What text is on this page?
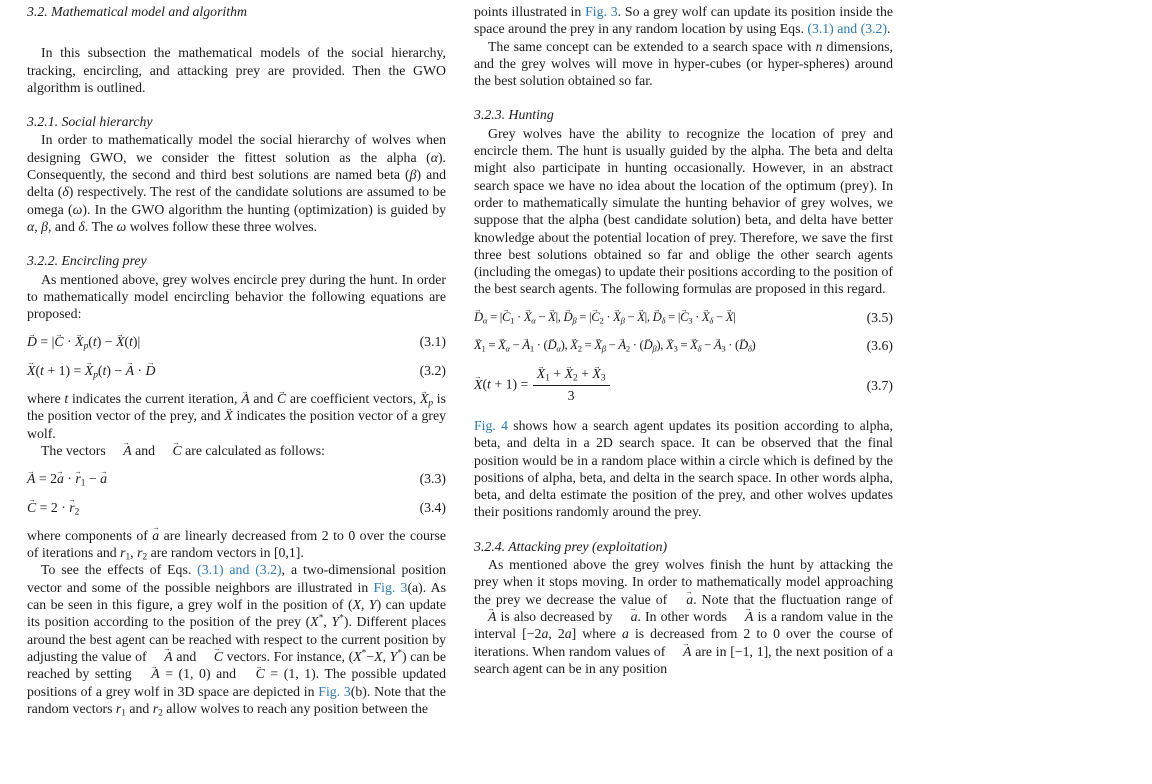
3.2. Mathematical model and algorithm

In this subsection the mathematical models of the social hierarchy, tracking, encircling, and attacking prey are provided. Then the GWO algorithm is outlined.

3.2.1. Social hierarchy

In order to mathematically model the social hierarchy of wolves when designing GWO, we consider the fittest solution as the alpha (α). Consequently, the second and third best solutions are named beta (β) and delta (δ) respectively. The rest of the candidate solutions are assumed to be omega (ω). In the GWO algorithm the hunting (optimization) is guided by α, β, and δ. The ω wolves follow these three wolves.

3.2.2. Encircling prey

As mentioned above, grey wolves encircle prey during the hunt. In order to mathematically model encircling behavior the following equations are proposed:

→ D = |→ C · → $X_p(t)$ − → X(t)|	(3.1)
→ X(t + 1) = → $X_p(t)$ − → A · → D	(3.2)

where t indicates the current iteration, → A and → C are coefficient vectors, → $X_p$ is the position vector of the prey, and → X indicates the position vector of a grey wolf.

The vectors → A and → C are calculated as follows:

→ A = 2→ a · → $r_1$ − → a	(3.3)
→ C = 2 · → $r_2$	(3.4)

where components of → a are linearly decreased from 2 to 0 over the course of iterations and $r_1$, $r_2$ are random vectors in [0,1].

To see the effects of Eqs. (3.1) and (3.2), a two-dimensional position vector and some of the possible neighbors are illustrated in Fig. 3(a). As can be seen in this figure, a grey wolf in the position of (X, Y) can update its position according to the position of the prey (X*, Y*). Different places around the best agent can be reached with respect to the current position by adjusting the value of → A and → C vectors. For instance, (X*−X, Y*) can be reached by setting → A = (1, 0) and → C = (1, 1). The possible updated positions of a grey wolf in 3D space are depicted in Fig. 3(b). Note that the random vectors $r_1$ and $r_2$ allow wolves to reach any position between the

points illustrated in Fig. 3. So a grey wolf can update its position inside the space around the prey in any random location by using Eqs. (3.1) and (3.2).

The same concept can be extended to a search space with n dimensions, and the grey wolves will move in hyper-cubes (or hyper-spheres) around the best solution obtained so far.

3.2.3. Hunting

Grey wolves have the ability to recognize the location of prey and encircle them. The hunt is usually guided by the alpha. The beta and delta might also participate in hunting occasionally. However, in an abstract search space we have no idea about the location of the optimum (prey). In order to mathematically simulate the hunting behavior of grey wolves, we suppose that the alpha (best candidate solution) beta, and delta have better knowledge about the potential location of prey. Therefore, we save the first three best solutions obtained so far and oblige the other search agents (including the omegas) to update their positions according to the position of the best search agents. The following formulas are proposed in this regard.

→ $D_\alpha$ = |→ $C_1$ · → $X_\alpha$ − → X|, → $D_\beta$ = |→ $C_2$ · → $X_\beta$ − → X|, → $D_\delta$ = |→ $C_3$ · → $X_\delta$ − → X|	(3.5)
→ $X_1$ = → $X_\alpha$ − → $A_1$ · (→ $D_\alpha$), → $X_2$ = → $X_\beta$ − → $A_2$ · (→ $D_\beta$), → $X_3$ = → $X_\delta$ − → $A_3$ · (→ $D_\delta$)	(3.6)
→ X(t + 1) = → $\frac{X_1 + \to X_2 + \to X_3}{3}$	(3.7)

Fig. 4 shows how a search agent updates its position according to alpha, beta, and delta in a 2D search space. It can be observed that the final position would be in a random place within a circle which is defined by the positions of alpha, beta, and delta in the search space. In other words alpha, beta, and delta estimate the position of the prey, and other wolves updates their positions randomly around the prey.

3.2.4. Attacking prey (exploitation)

As mentioned above the grey wolves finish the hunt by attacking the prey when it stops moving. In order to mathematically model approaching the prey we decrease the value of → a. Note that the fluctuation range of → A is also decreased by → a. In other words → A is a random value in the interval [−2a, 2a] where a is decreased from 2 to 0 over the course of iterations. When random values of → A are in [−1, 1], the next position of a search agent can be in any position
